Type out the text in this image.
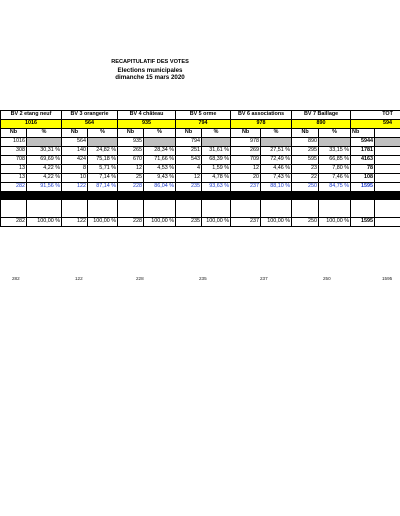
RECAPITULATIF DES VOTES
Elections municipales
dimanche 15 mars 2020
BV 2 etang neuf		BV 3 orangerie		BV 4 château		BV 5 orme		BV 6 associations		BV 7 Baillage		TOT	
1016		564		935		794		978		890		594	
Nb	%	Nb	%	Nb	%	Nb	%	Nb	%	Nb	%	Nb	
1016		564		935		794		978		890		5944	
308	30,31 %	140	24,82 %	265	28,34 %	251	31,61 %	269	27,51 %	295	33,15 %	1781	
708	69,69 %	424	75,18 %	670	71,66 %	543	68,39 %	709	72,49 %	595	66,85 %	4163	
13	4,22 %	8	5,71 %	12	4,53 %	4	1,59 %	12	4,46 %	23	7,80 %	78	
13	4,22 %	10	7,14 %	25	9,43 %	12	4,78 %	20	7,43 %	22	7,46 %	108	
282	91,56 %	122	87,14 %	228	86,04 %	235	93,63 %	237	88,10 %	250	84,75 %	1595	

282	100,00 %	122	100,00 %	228	100,00 %	235	100,00 %	237	100,00 %	250	100,00 %	1595	
282	122	228	235	237	250	1595
